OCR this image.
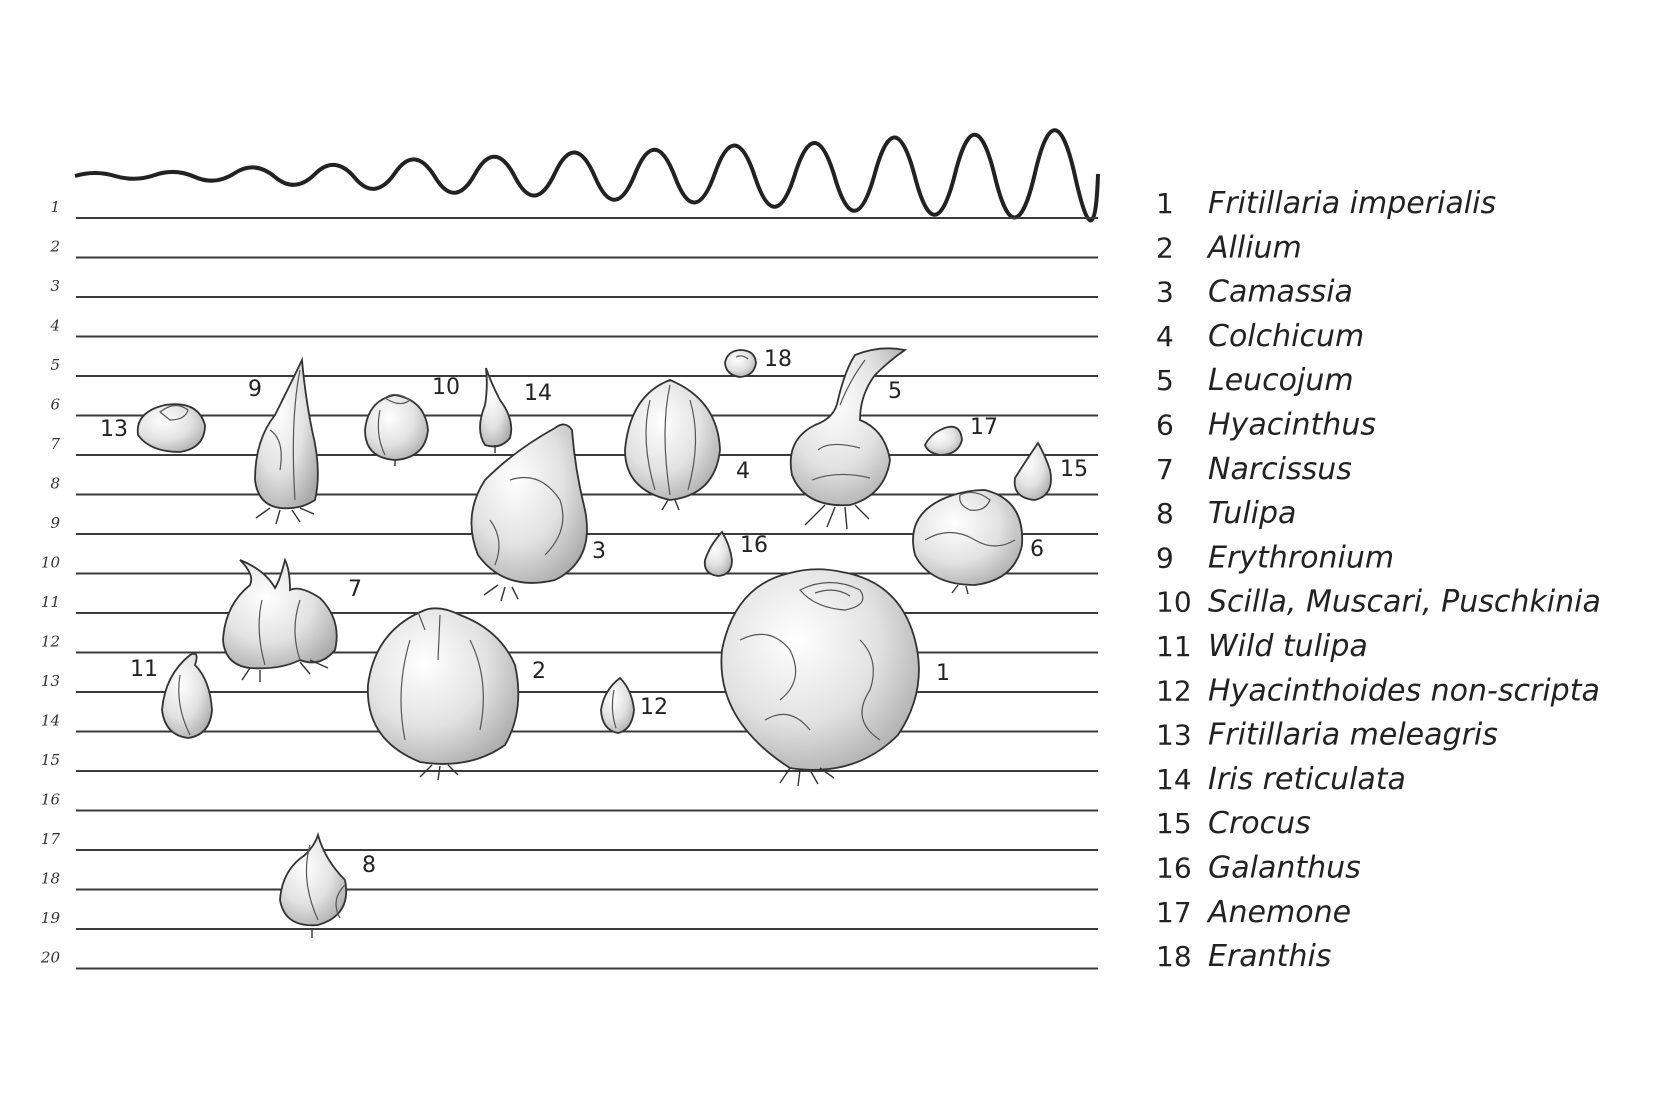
1
2
3
4
5
6
7
8
9
10
11
12
13
14
15
16
17
18
19
20
1
2
3
4
5
6
7
8
9	10
11
12
13
14
15
16
17
18
1 Fritillaria imperialis
2 Allium
3 Camassia
4 Colchicum
5 Leucojum
6 Hyacinthus
7 Narcissus
8 Tulipa
9 Erythronium
10 Scilla, Muscari, Puschkinia
11 Wild tulipa
12 Hyacinthoides non-scripta
13 Fritillaria meleagris
14 Iris reticulata
15 Crocus
16 Galanthus
17 Anemone
18 Eranthis
